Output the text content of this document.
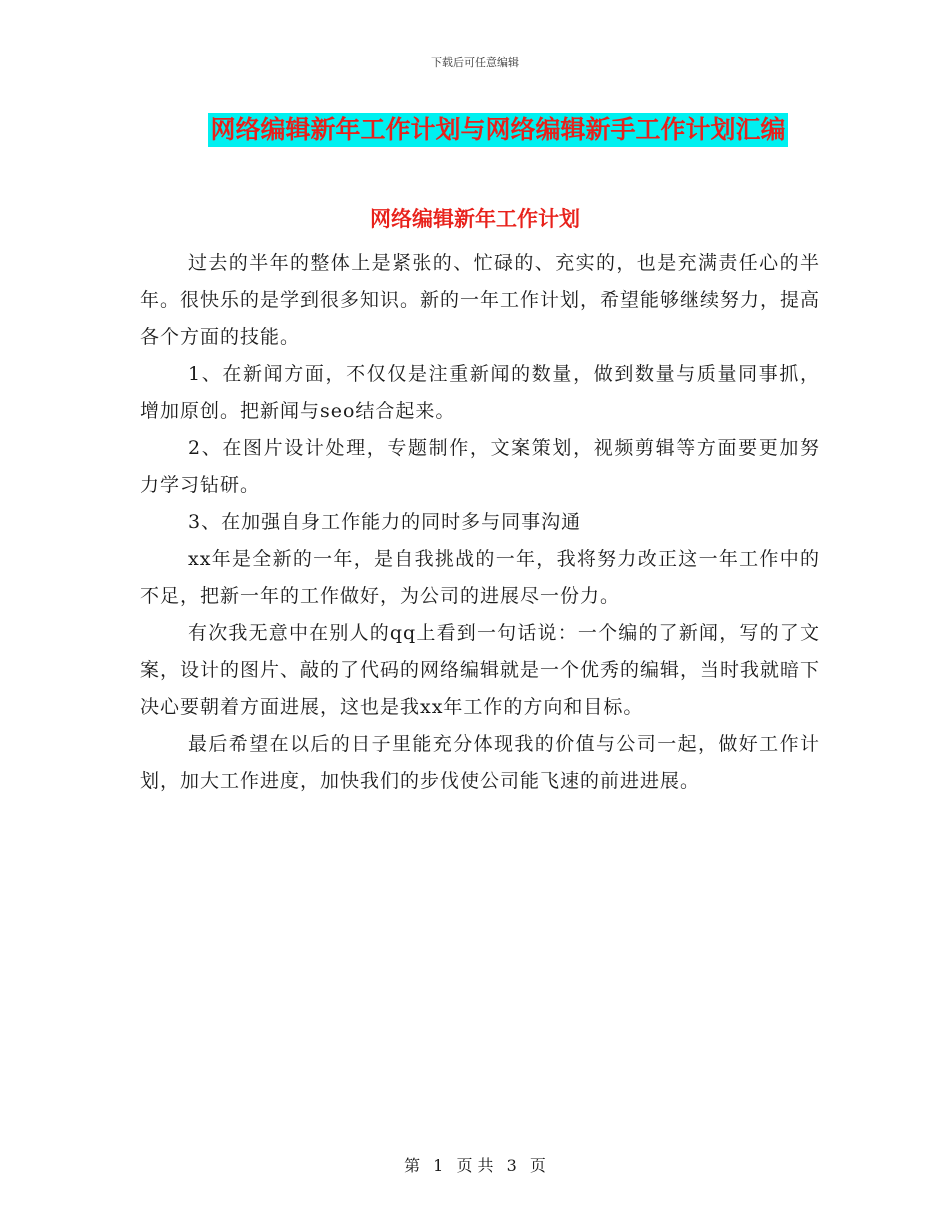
下载后可任意编辑
网络编辑新年工作计划与网络编辑新手工作计划汇编
网络编辑新年工作计划

过去的半年的整体上是紧张的、忙碌的、充实的，也是充满责任心的半年。很快乐的是学到很多知识。新的一年工作计划，希望能够继续努力，提高各个方面的技能。

1、在新闻方面，不仅仅是注重新闻的数量，做到数量与质量同事抓，增加原创。把新闻与seo结合起来。

2、在图片设计处理，专题制作，文案策划，视频剪辑等方面要更加努力学习钻研。

3、在加强自身工作能力的同时多与同事沟通

xx年是全新的一年，是自我挑战的一年，我将努力改正这一年工作中的不足，把新一年的工作做好，为公司的进展尽一份力。

有次我无意中在别人的qq上看到一句话说：一个编的了新闻，写的了文案，设计的图片、敲的了代码的网络编辑就是一个优秀的编辑，当时我就暗下决心要朝着方面进展，这也是我xx年工作的方向和目标。

最后希望在以后的日子里能充分体现我的价值与公司一起，做好工作计划，加大工作进度，加快我们的步伐使公司能飞速的前进进展。

第 1 页 共 3 页
